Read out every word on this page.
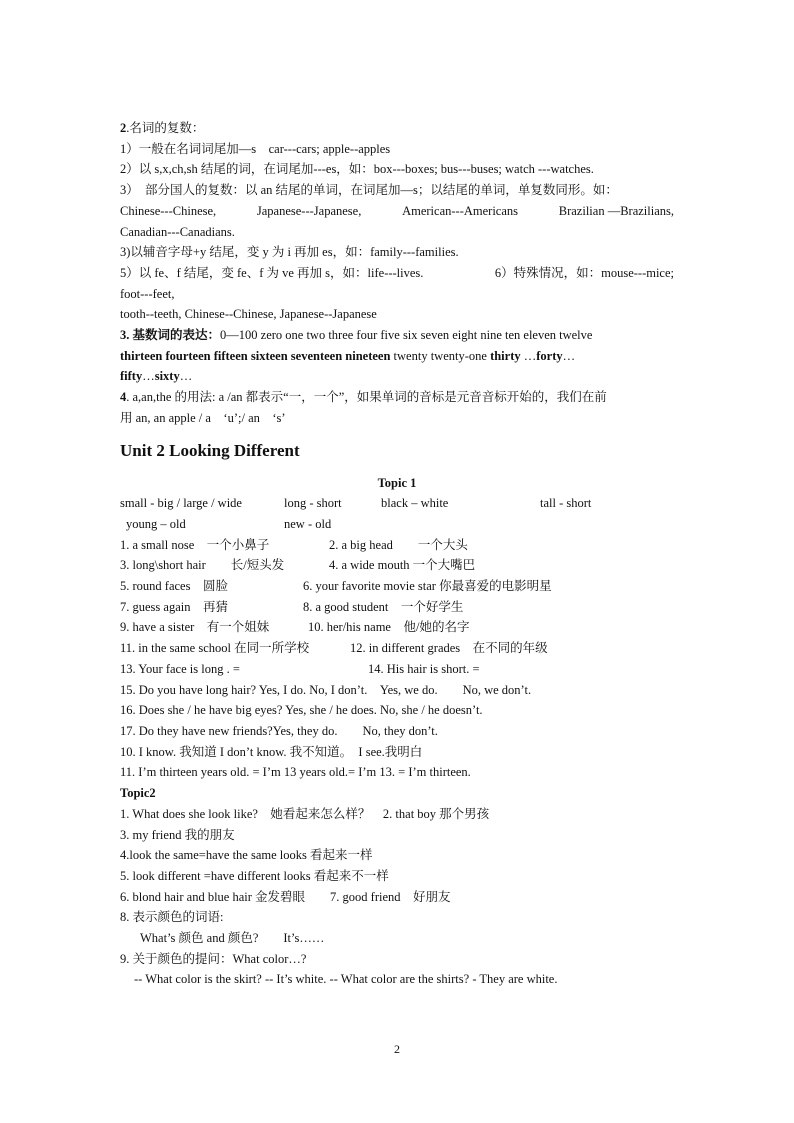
2.名词的复数：
1）一般在名词词尾加—s　car---cars; apple--apples
2）以 s,x,ch,sh 结尾的词，在词尾加---es，如：box---boxes; bus---buses; watch ---watches.
3）　部分国人的复数：以 an 结尾的单词，在词尾加—s；以结尾的单词，单复数同形。如：
Chinese---Chinese,	Japanese---Japanese,	American---Americans	Brazilian —Brazilians,
Canadian---Canadians.
3)以辅音字母+y 结尾，变 y 为 i 再加 es，如：family---families.
5）以 fe、f 结尾，变 fe、f 为 ve 再加 s，如：life---lives.	6）特殊情况，如：mouse---mice;
foot---feet,
tooth--teeth, Chinese--Chinese, Japanese--Japanese
3. 基数词的表达：0—100 zero one two three four five six seven eight nine ten eleven twelve
thirteen fourteen fifteen sixteen seventeen nineteen twenty twenty-one thirty …forty…
fifty…sixty…
4. a,an,the 的用法: a /an 都表示“一，一个”，如果单词的音标是元音音标开始的，我们在前
用 an, an apple / a　‘u’;/ an　‘s’
Unit 2 Looking Different
Topic 1
small - big / large / wide	long - short	black – white	tall - short
young – old	new - old
1. a small nose　一个小鼻子	2. a big head　　一个大头
3. long\short hair　　长/短头发	4. a wide mouth 一个大嘴巴
5. round faces　圆脸	6. your favorite movie star 你最喜爱的电影明星
7. guess again　再猜	8. a good student　一个好学生
9. have a sister　有一个姐妹	10. her/his name　他/她的名字
11. in the same school 在同一所学校	12. in different grades　在不同的年级
13. Your face is long . =	14. His hair is short. =
15. Do you have long hair? Yes, I do. No, I don’t.　Yes, we do.　　No, we don’t.
16. Does she / he have big eyes? Yes, she / he does. No, she / he doesn’t.
17. Do they have new friends?Yes, they do.　　No, they don’t.
10. I know. 我知道 I don’t know. 我不知道。　I see.我明白
11. I’m thirteen years old. = I’m 13 years old.= I’m 13. = I’m thirteen.
Topic2
1. What does she look like?　她看起来怎么样？　2. that boy 那个男孩
3. my friend 我的朋友
4.look the same=have the same looks 看起来一样
5. look different =have different looks 看起来不一样
6. blond hair and blue hair 金发碧眼　　7. good friend　好朋友
8. 表示颜色的词语:
What’s 颜色 and 颜色?　　It’s……
9. 关于颜色的提问：What color…?
-- What color is the skirt? -- It’s white. -- What color are the shirts? - They are white.
2
